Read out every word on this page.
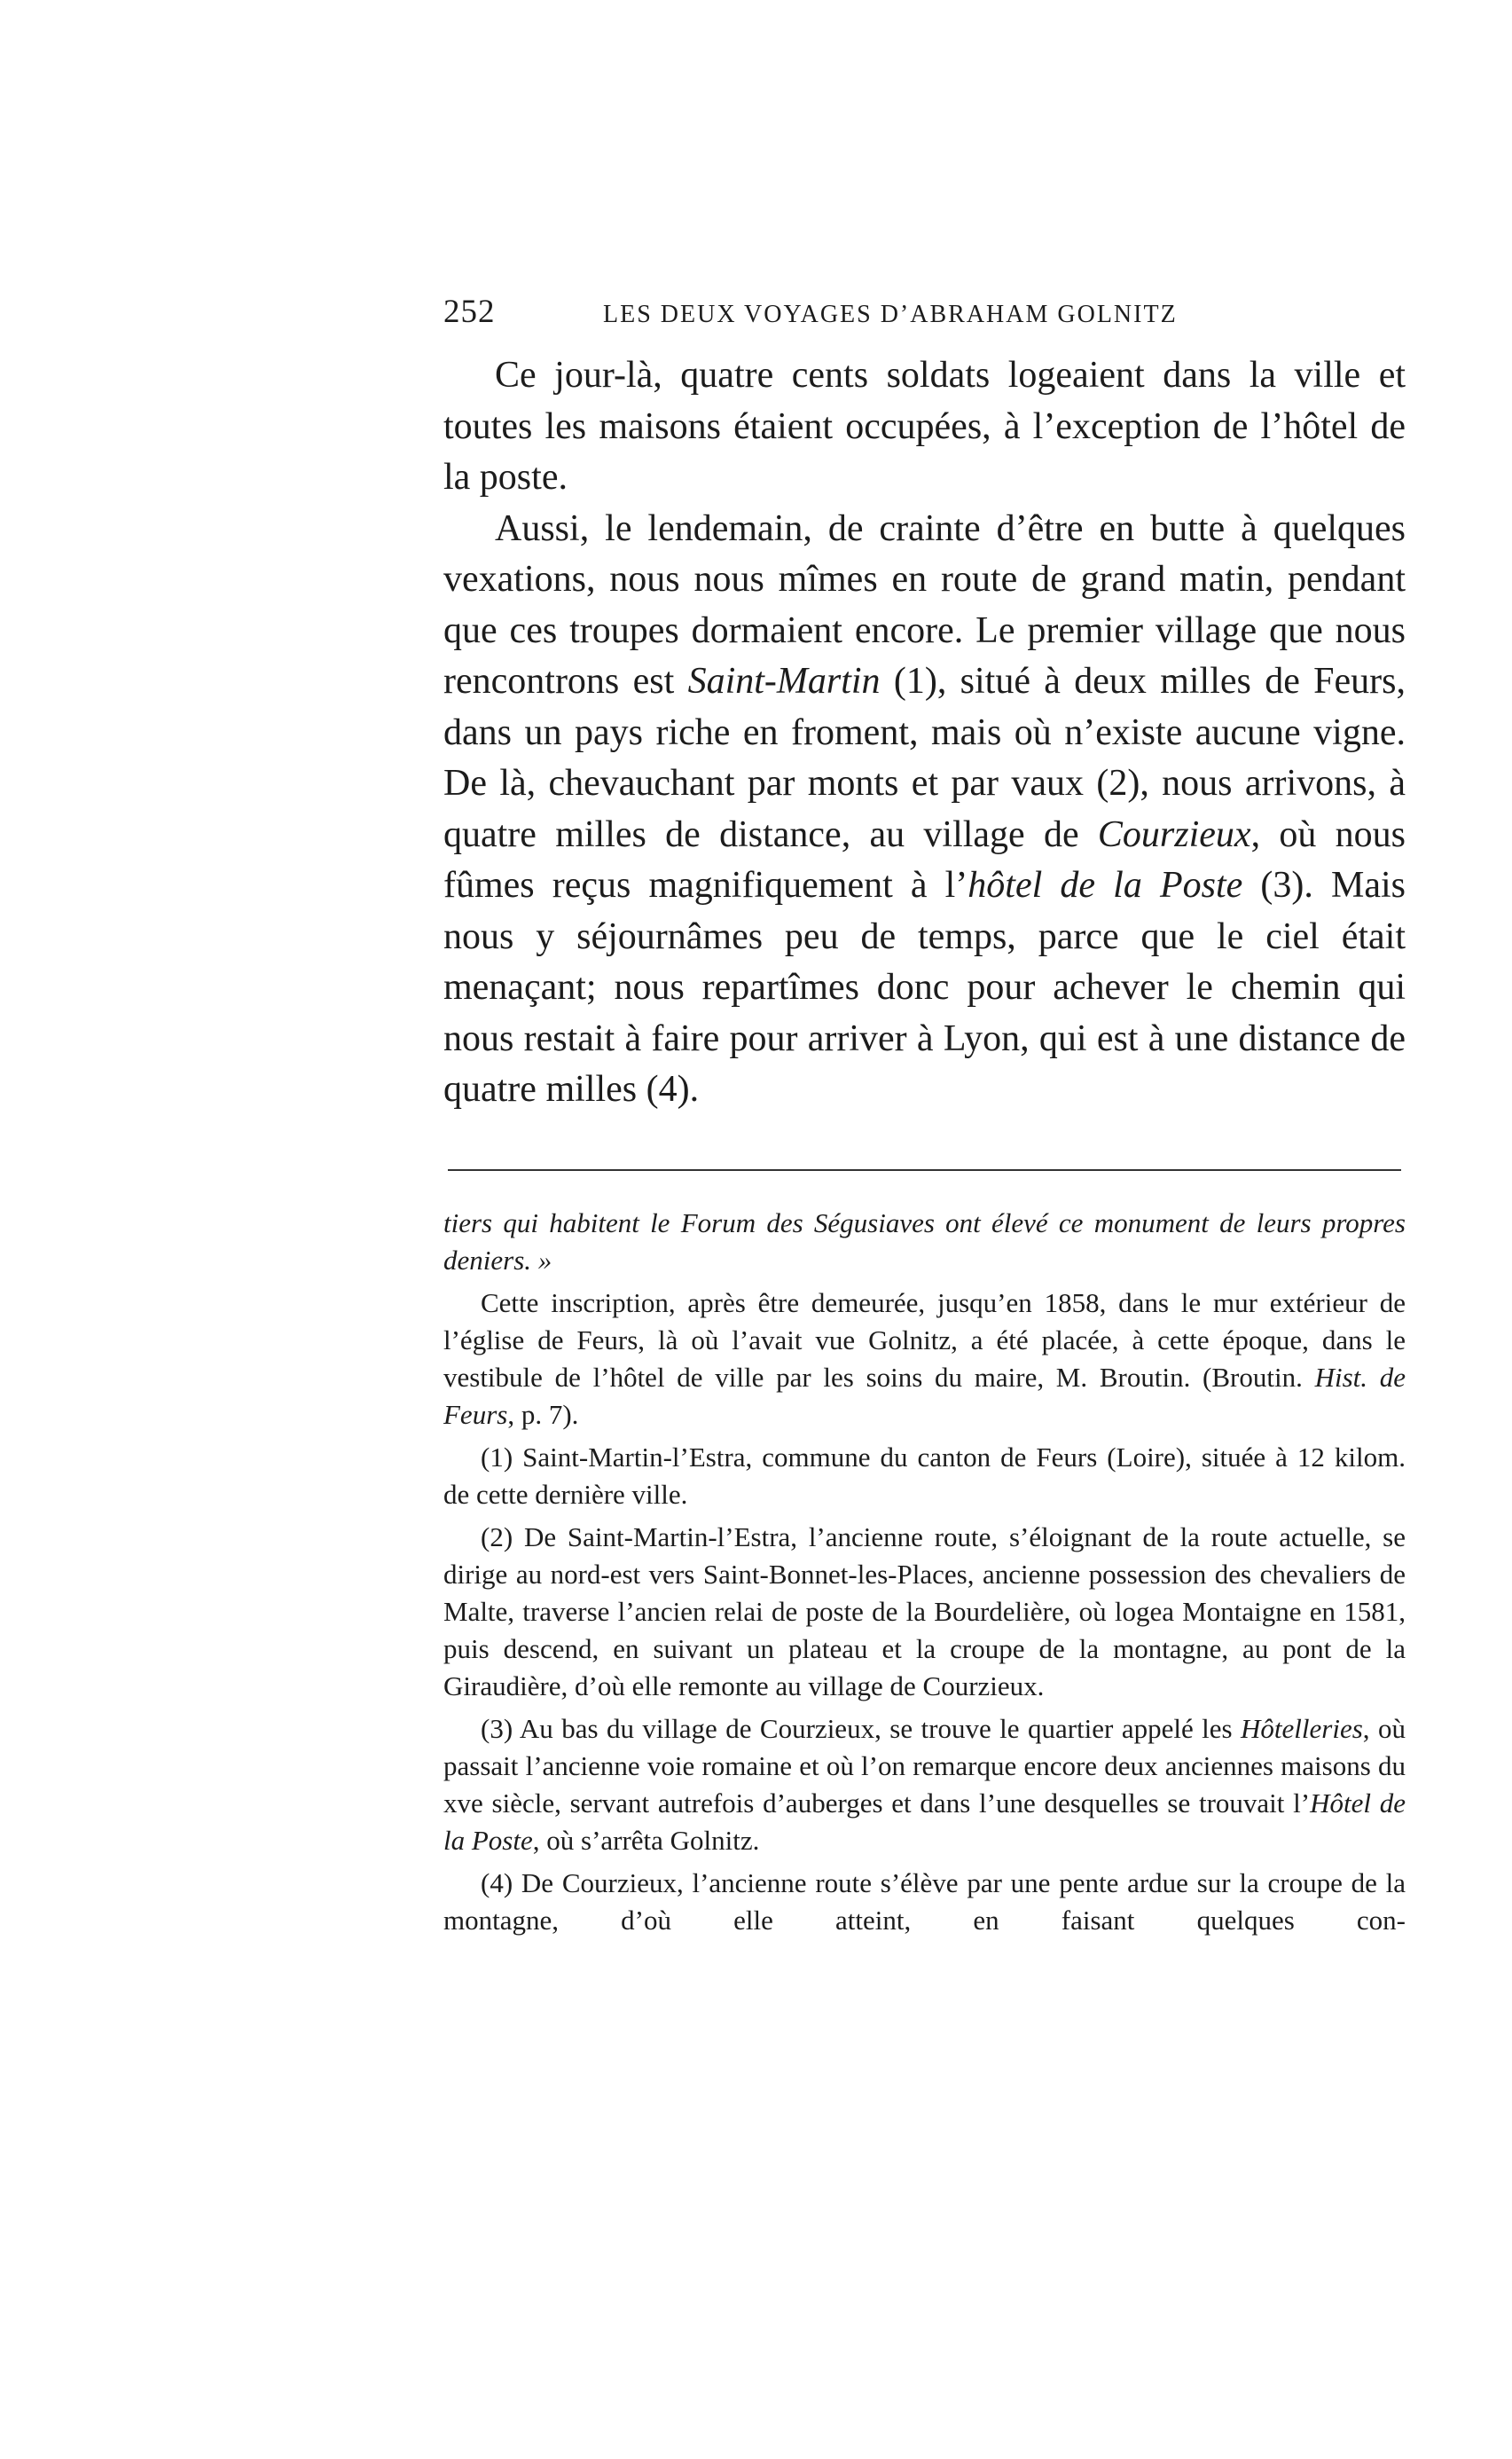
252	LES DEUX VOYAGES D’ABRAHAM GOLNITZ

Ce jour-là, quatre cents soldats logeaient dans la ville et toutes les maisons étaient occupées, à l’exception de l’hôtel de la poste.

Aussi, le lendemain, de crainte d’être en butte à quelques vexations, nous nous mîmes en route de grand matin, pendant que ces troupes dormaient encore. Le premier village que nous rencontrons est Saint-Martin (1), situé à deux milles de Feurs, dans un pays riche en froment, mais où n’existe aucune vigne. De là, chevauchant par monts et par vaux (2), nous arrivons, à quatre milles de distance, au village de Courzieux, où nous fûmes reçus magnifiquement à l’hôtel de la Poste (3). Mais nous y séjournâmes peu de temps, parce que le ciel était menaçant; nous repartîmes donc pour achever le chemin qui nous restait à faire pour arriver à Lyon, qui est à une distance de quatre milles (4).

tiers qui habitent le Forum des Ségusiaves ont élevé ce monument de leurs propres deniers. »

Cette inscription, après être demeurée, jusqu’en 1858, dans le mur extérieur de l’église de Feurs, là où l’avait vue Golnitz, a été placée, à cette époque, dans le vestibule de l’hôtel de ville par les soins du maire, M. Broutin. (Broutin. Hist. de Feurs, p. 7).

(1) Saint-Martin-l’Estra, commune du canton de Feurs (Loire), située à 12 kilom. de cette dernière ville.

(2) De Saint-Martin-l’Estra, l’ancienne route, s’éloignant de la route actuelle, se dirige au nord-est vers Saint-Bonnet-les-Places, ancienne possession des chevaliers de Malte, traverse l’ancien relai de poste de la Bourdelière, où logea Montaigne en 1581, puis descend, en suivant un plateau et la croupe de la montagne, au pont de la Giraudière, d’où elle remonte au village de Courzieux.

(3) Au bas du village de Courzieux, se trouve le quartier appelé les Hôtelleries, où passait l’ancienne voie romaine et où l’on remarque encore deux anciennes maisons du xve siècle, servant autrefois d’auberges et dans l’une desquelles se trouvait l’Hôtel de la Poste, où s’arrêta Golnitz.

(4) De Courzieux, l’ancienne route s’élève par une pente ardue sur la croupe de la montagne, d’où elle atteint, en faisant quelques con-
